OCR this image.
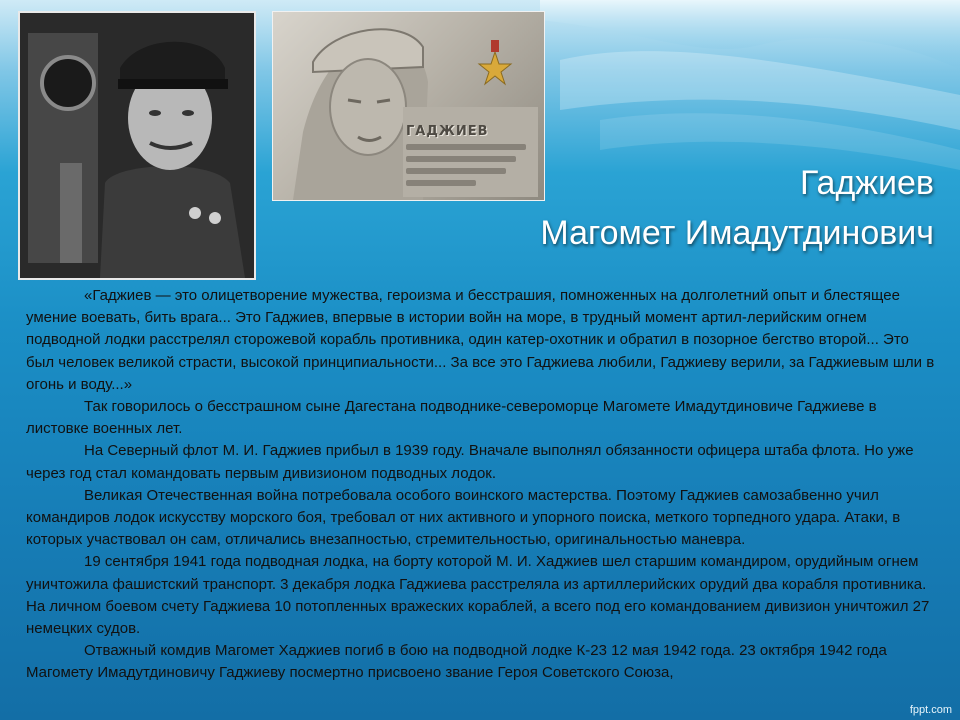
ГАДЖИЕВ
Гаджиев
Магомет Имадутдинович

«Гаджиев — это олицетворение мужества, героизма и бесстрашия, помноженных на долголетний опыт и блестящее умение воевать, бить врага... Это Гаджиев, впервые в истории войн на море, в трудный момент артил-лерийским огнем подводной лодки расстрелял сторожевой корабль противника, один катер-охотник и обратил в позорное бегство второй... Это был человек великой страсти, высокой принципиальности... За все это Гаджиева любили, Гаджиеву верили, за Гаджиевым шли в огонь и воду...»

Так говорилось о бесстрашном сыне Дагестана подводнике-североморце Магомете Имадутдиновиче Гаджиеве в листовке военных лет.

На Северный флот М. И. Гаджиев прибыл в 1939 году. Вначале выполнял обязанности офицера штаба флота. Но уже через год стал командовать первым дивизионом подводных лодок.

Великая Отечественная война потребовала особого воинского мастерства. Поэтому Гаджиев самозабвенно учил командиров лодок искусству морского боя, требовал от них активного и упорного поиска, меткого торпедного удара. Атаки, в которых участвовал он сам, отличались внезапностью, стремительностью, оригинальностью маневра.

19 сентября 1941 года подводная лодка, на борту которой М. И. Хаджиев шел старшим командиром, орудийным огнем уничтожила фашистский транспорт. 3 декабря лодка Гаджиева расстреляла из артиллерийских орудий два корабля противника. На личном боевом счету Гаджиева 10 потопленных вражеских кораблей, а всего под его командованием дивизион уничтожил 27 немецких судов.

Отважный комдив Магомет Хаджиев погиб в бою на подводной лодке К-23 12 мая 1942 года. 23 октября 1942 года Магомету Имадутдиновичу Гаджиеву посмертно присвоено звание Героя Советского Союза,

fppt.com
